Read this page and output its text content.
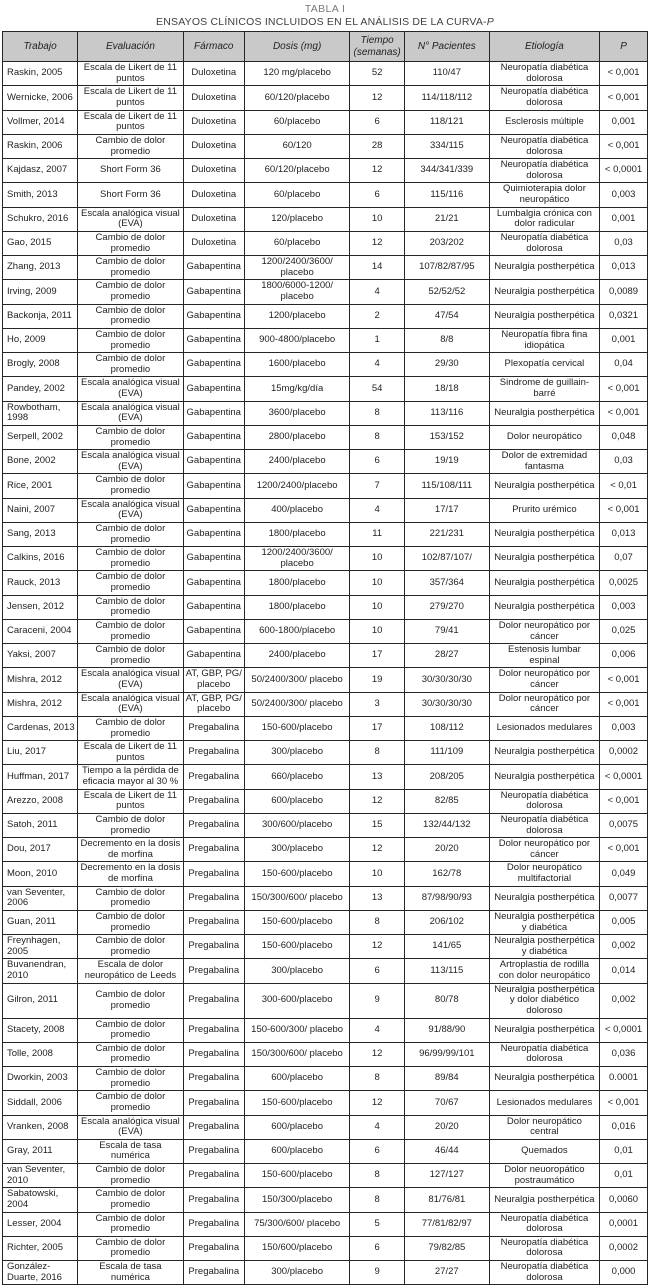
TABLA I
ENSAYOS CLÍNICOS INCLUIDOS EN EL ANÁLISIS DE LA CURVA-P
Trabajo	Evaluación	Fármaco	Dosis (mg)	Tiempo (semanas)	N° Pacientes	Etiología	P
Raskin, 2005	Escala de Likert de 11 puntos	Duloxetina	120 mg/placebo	52	110/47	Neuropatía diabética dolorosa	< 0,001
Wernicke, 2006	Escala de Likert de 11 puntos	Duloxetina	60/120/placebo	12	114/118/112	Neuropatía diabética dolorosa	< 0,001
Vollmer, 2014	Escala de Likert de 11 puntos	Duloxetina	60/placebo	6	118/121	Esclerosis múltiple	0,001
Raskin, 2006	Cambio de dolor promedio	Duloxetina	60/120	28	334/115	Neuropatía diabética dolorosa	< 0,001
Kajdasz, 2007	Short Form 36	Duloxetina	60/120/placebo	12	344/341/339	Neuropatía diabética dolorosa	< 0,0001
Smith, 2013	Short Form 36	Duloxetina	60/placebo	6	115/116	Quimioterapia dolor neuropático	0,003
Schukro, 2016	Escala analógica visual (EVA)	Duloxetina	120/placebo	10	21/21	Lumbalgia crónica con dolor radicular	0,001
Gao, 2015	Cambio de dolor promedio	Duloxetina	60/placebo	12	203/202	Neuropatía diabética dolorosa	0,03
Zhang, 2013	Cambio de dolor promedio	Gabapentina	1200/2400/3600/ placebo	14	107/82/87/95	Neuralgia postherpética	0,013
Irving, 2009	Cambio de dolor promedio	Gabapentina	1800/6000-1200/ placebo	4	52/52/52	Neuralgia postherpética	0,0089
Backonja, 2011	Cambio de dolor promedio	Gabapentina	1200/placebo	2	47/54	Neuralgia postherpética	0,0321
Ho, 2009	Cambio de dolor promedio	Gabapentina	900-4800/placebo	1	8/8	Neuropatía fibra fina idiopática	0,001
Brogly, 2008	Cambio de dolor promedio	Gabapentina	1600/placebo	4	29/30	Plexopatía cervical	0,04
Pandey, 2002	Escala analógica visual (EVA)	Gabapentina	15mg/kg/día	54	18/18	Sindrome de guillain-barré	< 0,001
Rowbotham, 1998	Escala analógica visual (EVA)	Gabapentina	3600/placebo	8	113/116	Neuralgia postherpética	< 0,001
Serpell, 2002	Cambio de dolor promedio	Gabapentina	2800/placebo	8	153/152	Dolor neuropático	0,048
Bone, 2002	Escala analógica visual (EVA)	Gabapentina	2400/placebo	6	19/19	Dolor de extremidad fantasma	0,03
Rice, 2001	Cambio de dolor promedio	Gabapentina	1200/2400/placebo	7	115/108/111	Neuralgia postherpética	< 0,01
Naini, 2007	Escala analógica visual (EVA)	Gabapentina	400/placebo	4	17/17	Prurito urémico	< 0,001
Sang, 2013	Cambio de dolor promedio	Gabapentina	1800/placebo	11	221/231	Neuralgia postherpética	0,013
Calkins, 2016	Cambio de dolor promedio	Gabapentina	1200/2400/3600/ placebo	10	102/87/107/	Neuralgia postherpética	0,07
Rauck, 2013	Cambio de dolor promedio	Gabapentina	1800/placebo	10	357/364	Neuralgia postherpética	0,0025
Jensen, 2012	Cambio de dolor promedio	Gabapentina	1800/placebo	10	279/270	Neuralgia postherpética	0,003
Caraceni, 2004	Cambio de dolor promedio	Gabapentina	600-1800/placebo	10	79/41	Dolor neuropático por cáncer	0,025
Yaksi, 2007	Cambio de dolor promedio	Gabapentina	2400/placebo	17	28/27	Estenosis lumbar espinal	0,006
Mishra, 2012	Escala analógica visual (EVA)	AT, GBP, PG/ placebo	50/2400/300/ placebo	19	30/30/30/30	Dolor neuropático por cáncer	< 0,001
Mishra, 2012	Escala analógica visual (EVA)	AT, GBP, PG/ placebo	50/2400/300/ placebo	3	30/30/30/30	Dolor neuropático por cáncer	< 0,001
Cardenas, 2013	Cambio de dolor promedio	Pregabalina	150-600/placebo	17	108/112	Lesionados medulares	0,003
Liu, 2017	Escala de Likert de 11 puntos	Pregabalina	300/placebo	8	111/109	Neuralgia postherpética	0,0002
Huffman, 2017	Tiempo a la pérdida de eficacia mayor al 30 %	Pregabalina	660/placebo	13	208/205	Neuralgia postherpética	< 0,0001
Arezzo, 2008	Escala de Likert de 11 puntos	Pregabalina	600/placebo	12	82/85	Neuropatía diabética dolorosa	< 0,001
Satoh, 2011	Cambio de dolor promedio	Pregabalina	300/600/placebo	15	132/44/132	Neuropatía diabética dolorosa	0,0075
Dou, 2017	Decremento en la dosis de morfina	Pregabalina	300/placebo	12	20/20	Dolor neuropático por cáncer	< 0,001
Moon, 2010	Decremento en la dosis de morfina	Pregabalina	150-600/placebo	10	162/78	Dolor neuropático multifactorial	0,049
van Seventer, 2006	Cambio de dolor promedio	Pregabalina	150/300/600/ placebo	13	87/98/90/93	Neuralgia postherpética	0,0077
Guan, 2011	Cambio de dolor promedio	Pregabalina	150-600/placebo	8	206/102	Neuralgia postherpética y diabética	0,005
Freynhagen, 2005	Cambio de dolor promedio	Pregabalina	150-600/placebo	12	141/65	Neuralgia postherpética y diabética	0,002
Buvanendran, 2010	Escala de dolor neuropático de Leeds	Pregabalina	300/placebo	6	113/115	Artroplastia de rodilla con dolor neuropático	0,014
Gilron, 2011	Cambio de dolor promedio	Pregabalina	300-600/placebo	9	80/78	Neuralgia postherpética y dolor diabético doloroso	0,002
Stacety, 2008	Cambio de dolor promedio	Pregabalina	150-600/300/ placebo	4	91/88/90	Neuralgia postherpética	< 0,0001
Tolle, 2008	Cambio de dolor promedio	Pregabalina	150/300/600/ placebo	12	96/99/99/101	Neuropatía diabética dolorosa	0,036
Dworkin, 2003	Cambio de dolor promedio	Pregabalina	600/placebo	8	89/84	Neuralgia postherpética	0.0001
Siddall, 2006	Cambio de dolor promedio	Pregabalina	150-600/placebo	12	70/67	Lesionados medulares	< 0,001
Vranken, 2008	Escala analógica visual (EVA)	Pregabalina	600/placebo	4	20/20	Dolor neuropático central	0,016
Gray, 2011	Escala de tasa numérica	Pregabalina	600/placebo	6	46/44	Quemados	0,01
van Seventer, 2010	Cambio de dolor promedio	Pregabalina	150-600/placebo	8	127/127	Dolor neuoropático postraumático	0,01
Sabatowski, 2004	Cambio de dolor promedio	Pregabalina	150/300/placebo	8	81/76/81	Neuralgia postherpética	0,0060
Lesser, 2004	Cambio de dolor promedio	Pregabalina	75/300/600/ placebo	5	77/81/82/97	Neuropatía diabética dolorosa	0,0001
Richter, 2005	Cambio de dolor promedio	Pregabalina	150/600/placebo	6	79/82/85	Neuropatía diabética dolorosa	0,0002
González-Duarte, 2016	Escala de tasa numérica	Pregabalina	300/placebo	9	27/27	Neuropatía diabética dolorosa	0,000
